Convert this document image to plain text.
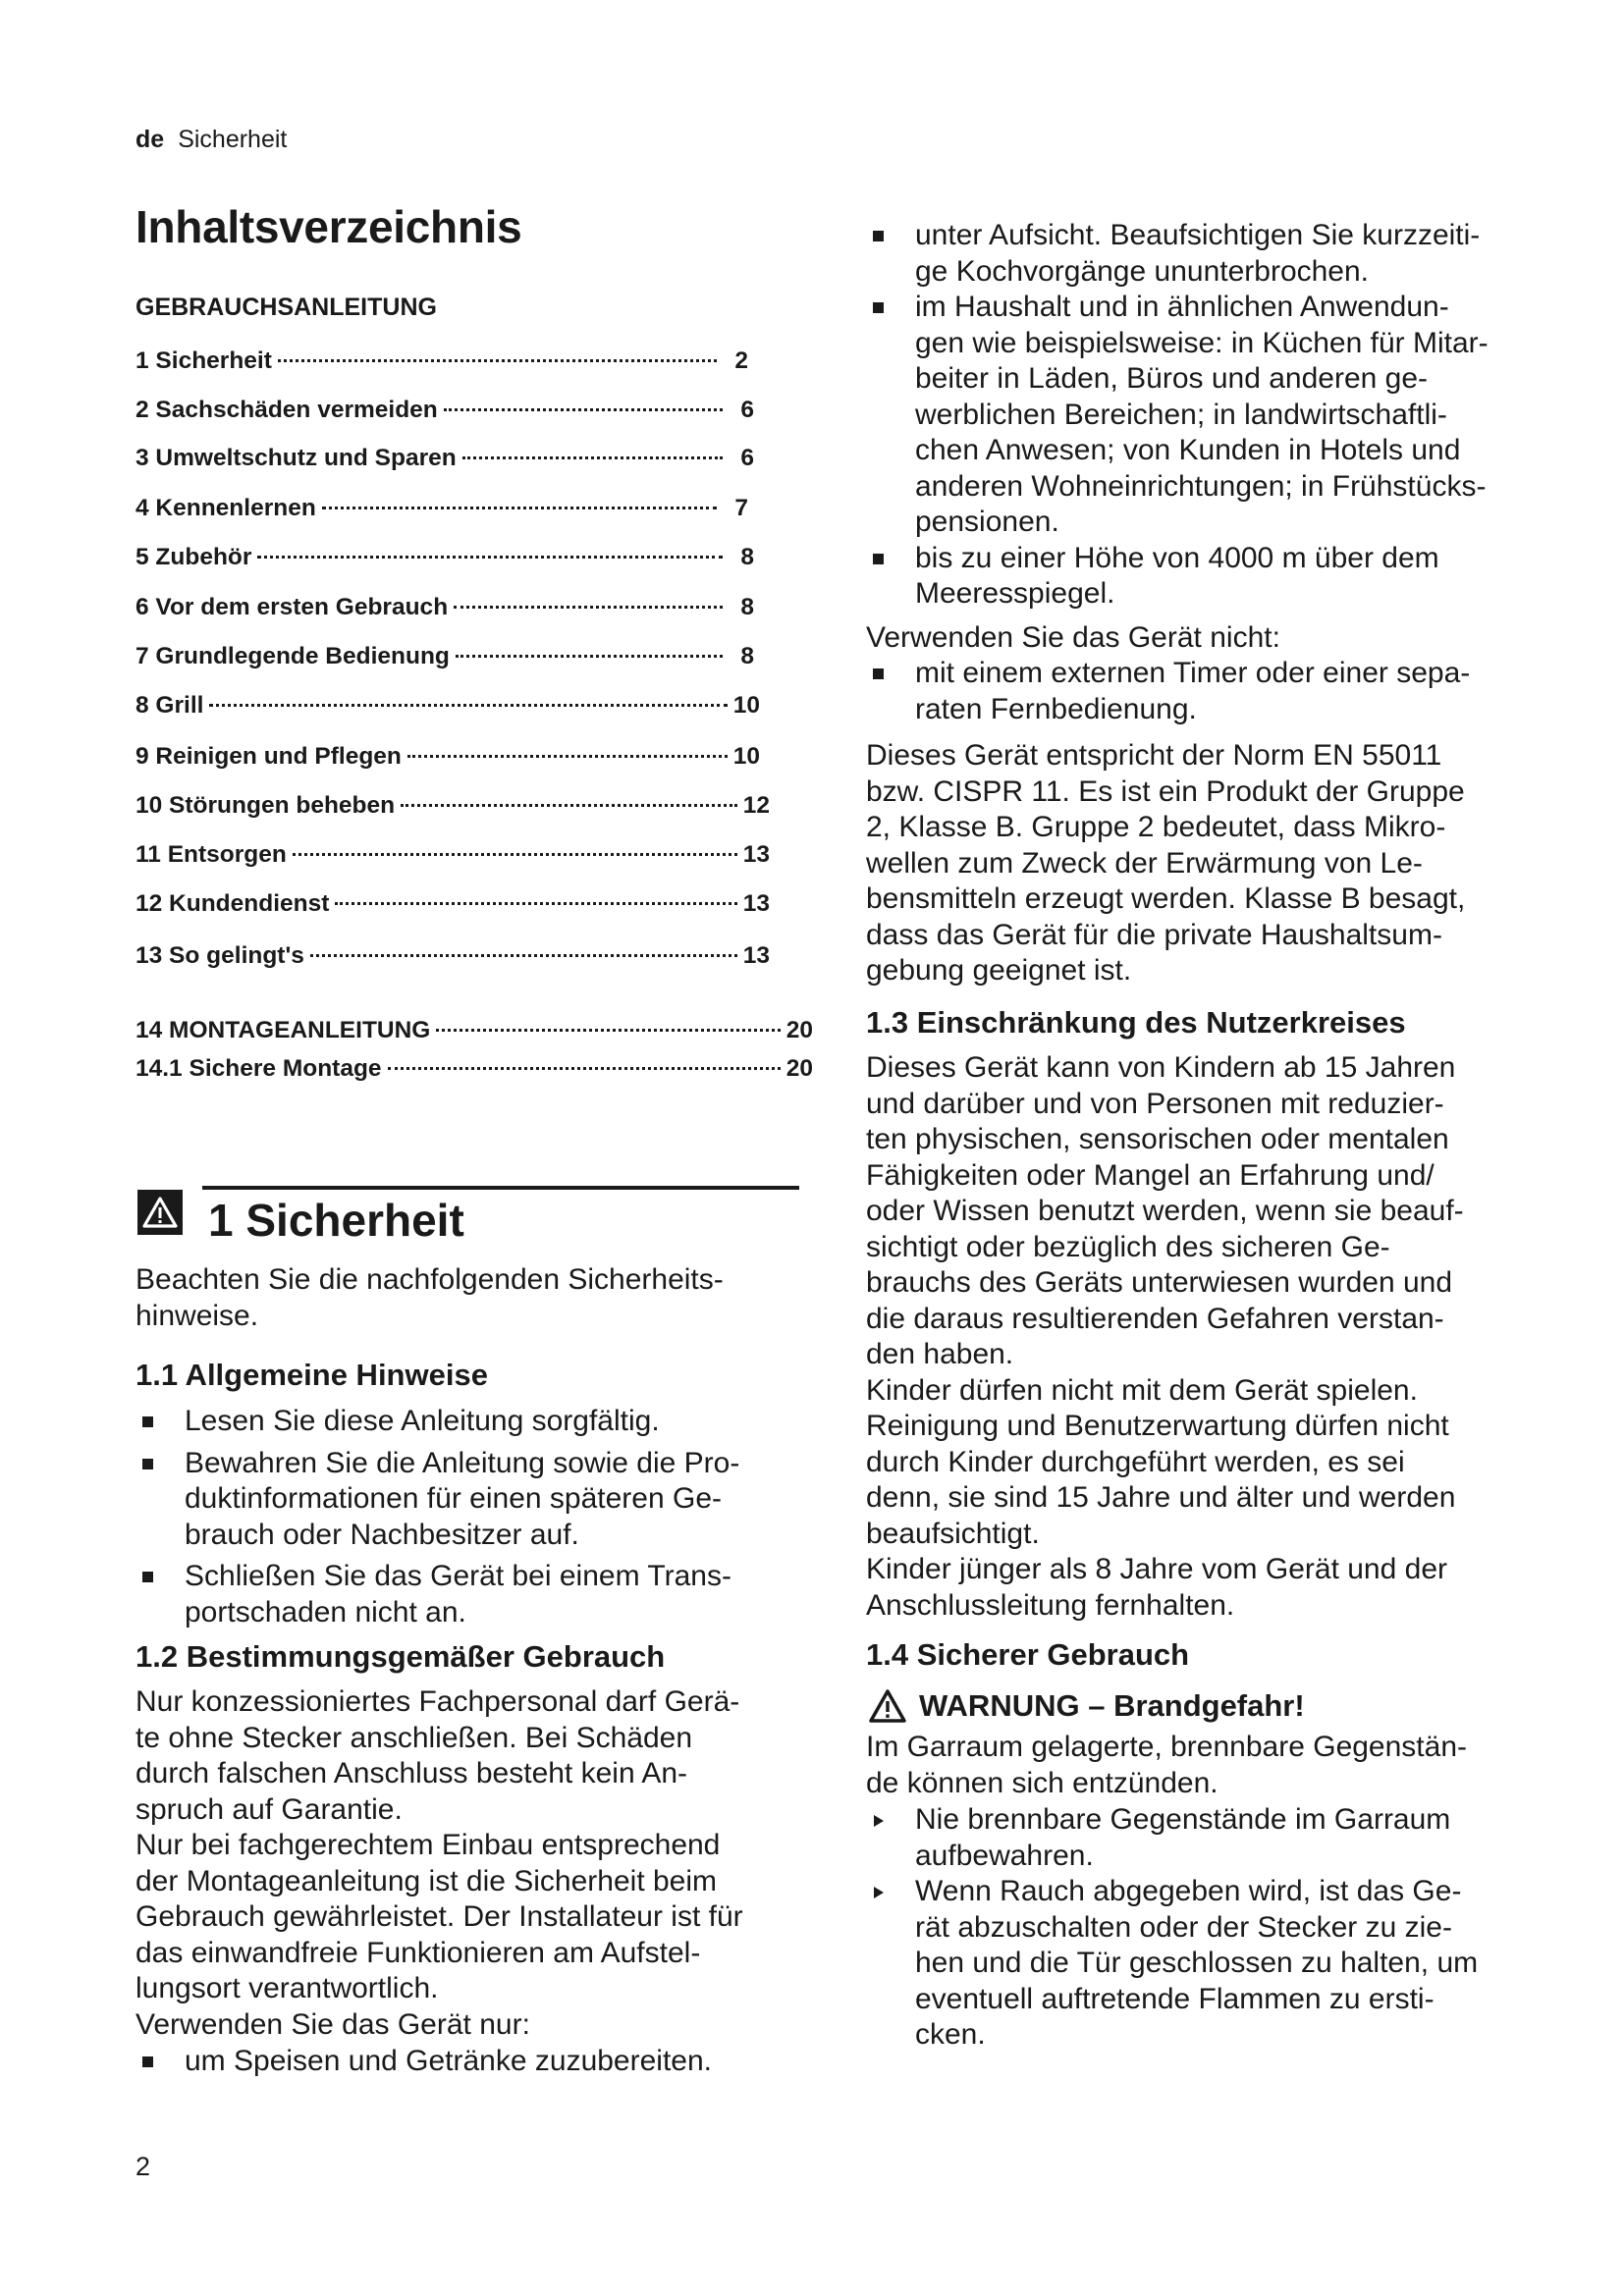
de Sicherheit
Inhaltsverzeichnis
GEBRAUCHSANLEITUNG
1 Sicherheit	2
2 Sachschäden vermeiden	6
3 Umweltschutz und Sparen	6
4 Kennenlernen	7
5 Zubehör	8
6 Vor dem ersten Gebrauch	8
7 Grundlegende Bedienung	8
8 Grill	10
9 Reinigen und Pflegen	10
10 Störungen beheben	12
11 Entsorgen	13
12 Kundendienst	13
13 So gelingt's	13
14 MONTAGEANLEITUNG	20
14.1 Sichere Montage	20
1 Sicherheit
Beachten Sie die nachfolgenden Sicherheits-
hinweise.
1.1 Allgemeine Hinweise
Lesen Sie diese Anleitung sorgfältig.
Bewahren Sie die Anleitung sowie die Pro-
duktinformationen für einen späteren Ge-
brauch oder Nachbesitzer auf.
Schließen Sie das Gerät bei einem Trans-
portschaden nicht an.
1.2 Bestimmungsgemäßer Gebrauch
Nur konzessioniertes Fachpersonal darf Gerä-
te ohne Stecker anschließen. Bei Schäden
durch falschen Anschluss besteht kein An-
spruch auf Garantie.
Nur bei fachgerechtem Einbau entsprechend
der Montageanleitung ist die Sicherheit beim
Gebrauch gewährleistet. Der Installateur ist für
das einwandfreie Funktionieren am Aufstel-
lungsort verantwortlich.
Verwenden Sie das Gerät nur:
um Speisen und Getränke zuzubereiten.
2
unter Aufsicht. Beaufsichtigen Sie kurzzeiti-
ge Kochvorgänge ununterbrochen.
im Haushalt und in ähnlichen Anwendun-
gen wie beispielsweise: in Küchen für Mitar-
beiter in Läden, Büros und anderen ge-
werblichen Bereichen; in landwirtschaftli-
chen Anwesen; von Kunden in Hotels und
anderen Wohneinrichtungen; in Frühstücks-
pensionen.
bis zu einer Höhe von 4000 m über dem
Meeresspiegel.
Verwenden Sie das Gerät nicht:
mit einem externen Timer oder einer sepa-
raten Fernbedienung.
Dieses Gerät entspricht der Norm EN 55011
bzw. CISPR 11. Es ist ein Produkt der Gruppe
2, Klasse B. Gruppe 2 bedeutet, dass Mikro-
wellen zum Zweck der Erwärmung von Le-
bensmitteln erzeugt werden. Klasse B besagt,
dass das Gerät für die private Haushaltsum-
gebung geeignet ist.
1.3 Einschränkung des Nutzerkreises
Dieses Gerät kann von Kindern ab 15 Jahren
und darüber und von Personen mit reduzier-
ten physischen, sensorischen oder mentalen
Fähigkeiten oder Mangel an Erfahrung und/
oder Wissen benutzt werden, wenn sie beauf-
sichtigt oder bezüglich des sicheren Ge-
brauchs des Geräts unterwiesen wurden und
die daraus resultierenden Gefahren verstan-
den haben.
Kinder dürfen nicht mit dem Gerät spielen.
Reinigung und Benutzerwartung dürfen nicht
durch Kinder durchgeführt werden, es sei
denn, sie sind 15 Jahre und älter und werden
beaufsichtigt.
Kinder jünger als 8 Jahre vom Gerät und der
Anschlussleitung fernhalten.
1.4 Sicherer Gebrauch
WARNUNG – Brandgefahr!
Im Garraum gelagerte, brennbare Gegenstän-
de können sich entzünden.
Nie brennbare Gegenstände im Garraum
aufbewahren.
Wenn Rauch abgegeben wird, ist das Ge-
rät abzuschalten oder der Stecker zu zie-
hen und die Tür geschlossen zu halten, um
eventuell auftretende Flammen zu ersti-
cken.
